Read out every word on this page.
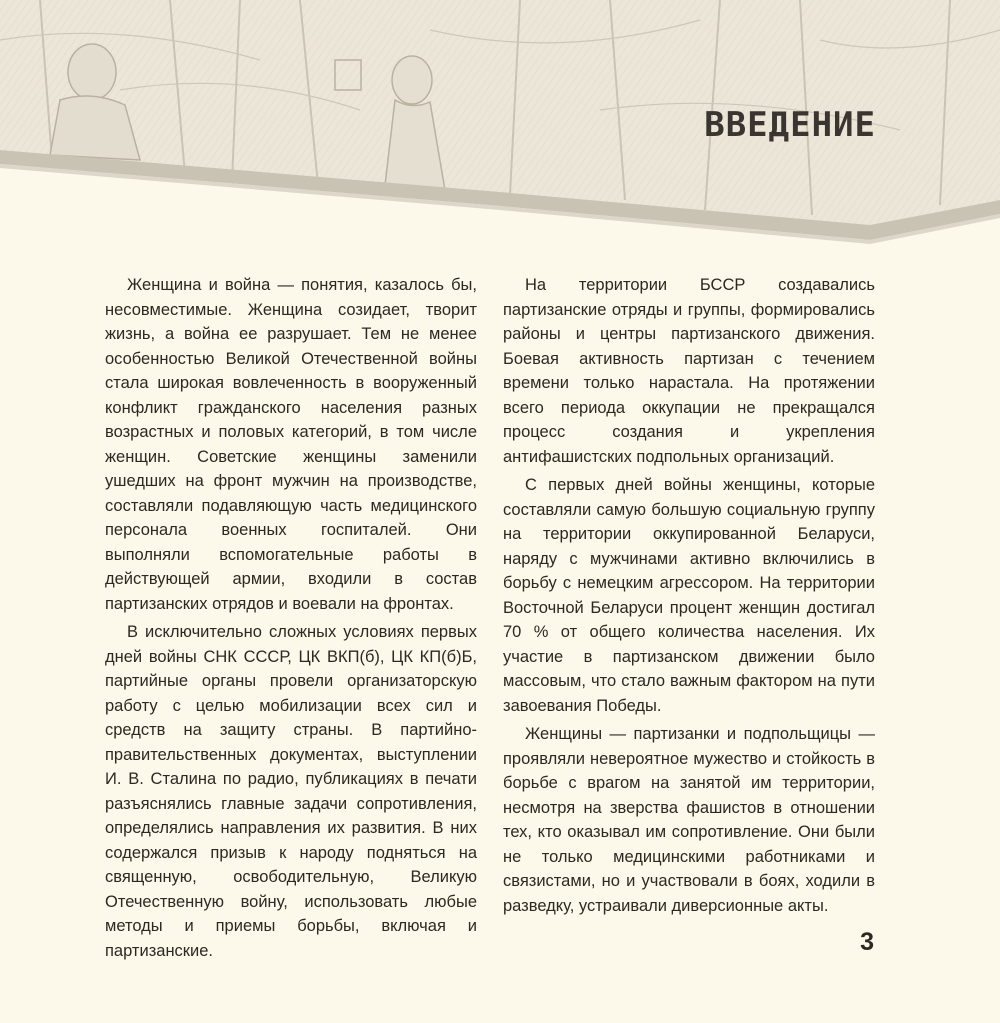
ВВЕДЕНИЕ

Женщина и война — понятия, казалось бы, несовместимые. Женщина созидает, творит жизнь, а война ее разрушает. Тем не менее особенностью Великой Отечественной войны стала широкая вовлеченность в вооруженный конфликт гражданского населения разных возрастных и половых категорий, в том числе женщин. Советские женщины заменили ушедших на фронт мужчин на производстве, составляли подавляющую часть медицинского персонала военных госпиталей. Они выполняли вспомогательные работы в действующей армии, входили в состав партизанских отрядов и воевали на фронтах.

В исключительно сложных условиях первых дней войны СНК СССР, ЦК ВКП(б), ЦК КП(б)Б, партийные органы провели организаторскую работу с целью мобилизации всех сил и средств на защиту страны. В партийно-правительственных документах, выступлении И. В. Сталина по радио, публикациях в печати разъяснялись главные задачи сопротивления, определялись направления их развития. В них содержался призыв к народу подняться на священную, освободительную, Великую Отечественную войну, использовать любые методы и приемы борьбы, включая и партизанские.

На территории БССР создавались партизанские отряды и группы, формировались районы и центры партизанского движения. Боевая активность партизан с течением времени только нарастала. На протяжении всего периода оккупации не прекращался процесс создания и укрепления антифашистских подпольных организаций.

С первых дней войны женщины, которые составляли самую большую социальную группу на территории оккупированной Беларуси, наряду с мужчинами активно включились в борьбу с немецким агрессором. На территории Восточной Беларуси процент женщин достигал 70 % от общего количества населения. Их участие в партизанском движении было массовым, что стало важным фактором на пути завоевания Победы.

Женщины — партизанки и подпольщицы — проявляли невероятное мужество и стойкость в борьбе с врагом на занятой им территории, несмотря на зверства фашистов в отношении тех, кто оказывал им сопротивление. Они были не только медицинскими работниками и связистами, но и участвовали в боях, ходили в разведку, устраивали диверсионные акты.

3
